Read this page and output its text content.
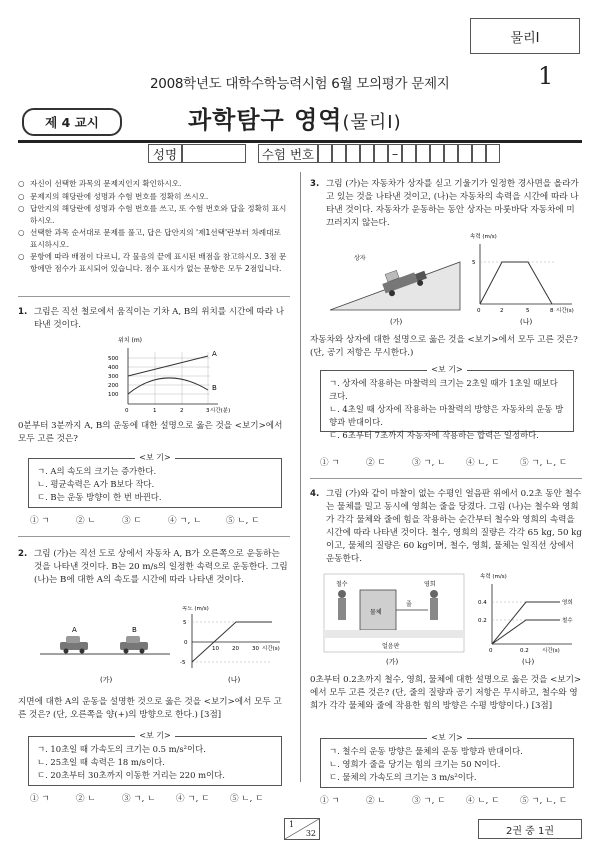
물리Ⅰ
2008학년도 대학수학능력시험 6월 모의평가 문제지	1
제 4 교시	과학탐구 영역(물리Ⅰ)
성명	수험 번호	–
○ 자신이 선택한 과목의 문제지인지 확인하시오.
○ 문제지의 해당란에 성명과 수험 번호를 정확히 쓰시오.
○ 답안지의 해당란에 성명과 수험 번호를 쓰고, 또 수험 번호와 답을 정확히 표시하시오.
○ 선택한 과목 순서대로 문제를 풀고, 답은 답안지의 '제1선택'란부터 차례대로 표시하시오.
○ 문항에 따라 배점이 다르니, 각 물음의 끝에 표시된 배점을 참고하시오. 3점 문항에만 점수가 표시되어 있습니다. 점수 표시가 없는 문항은 모두 2점입니다.
1. 그림은 직선 철로에서 움직이는 기차 A, B의 위치를 시간에 따라 나타낸 것이다.
위치 (m)
500
400
300
200
100
0	1	2	3 시간(분)
A
B
0분부터 3분까지 A, B의 운동에 대한 설명으로 옳은 것을 <보기>에서 모두 고른 것은?
<보 기>
ㄱ. A의 속도의 크기는 증가한다.
ㄴ. 평균속력은 A가 B보다 작다.
ㄷ. B는 운동 방향이 한 번 바뀐다.
① ㄱ	② ㄴ	③ ㄷ	④ ㄱ, ㄴ	⑤ ㄴ, ㄷ
2. 그림 (가)는 직선 도로 상에서 자동차 A, B가 오른쪽으로 운동하는 것을 나타낸 것이다. B는 20 m/s의 일정한 속력으로 운동한다. 그림 (나)는 B에 대한 A의 속도를 시간에 따라 나타낸 것이다.
A	B
(가)
속도 (m/s)
5
0
-5
10 20 30 시간(s)
(나)
지면에 대한 A의 운동을 설명한 것으로 옳은 것을 <보기>에서 모두 고른 것은? (단, 오른쪽을 양(+)의 방향으로 한다.) [3점]
<보 기>
ㄱ. 10초일 때 가속도의 크기는 0.5 m/s²이다.
ㄴ. 25초일 때 속력은 18 m/s이다.
ㄷ. 20초부터 30초까지 이동한 거리는 220 m이다.
① ㄱ	② ㄴ	③ ㄱ, ㄴ	④ ㄱ, ㄷ	⑤ ㄴ, ㄷ
3. 그림 (가)는 자동차가 상자를 싣고 기울기가 일정한 경사면을 올라가고 있는 것을 나타낸 것이고, (나)는 자동차의 속력을 시간에 따라 나타낸 것이다. 자동차가 운동하는 동안 상자는 마룻바닥 자동차에 미끄러지지 않는다.
상자
(가)
속력 (m/s)
5
0	2	5	8 시간(s)
(나)
자동차와 상자에 대한 설명으로 옳은 것을 <보기>에서 모두 고른 것은? (단, 공기 저항은 무시한다.)
<보 기>
ㄱ. 상자에 작용하는 마찰력의 크기는 2초일 때가 1초일 때보다 크다.
ㄴ. 4초일 때 상자에 작용하는 마찰력의 방향은 자동차의 운동 방향과 반대이다.
ㄷ. 6초부터 7초까지 자동차에 작용하는 합력은 일정하다.
① ㄱ	② ㄷ	③ ㄱ, ㄴ	④ ㄴ, ㄷ	⑤ ㄱ, ㄴ, ㄷ
4. 그림 (가)와 같이 마찰이 없는 수평인 얼음판 위에서 0.2초 동안 철수는 물체를 밀고 동시에 영희는 줄을 당겼다. 그림 (나)는 철수와 영희가 각각 물체와 줄에 힘을 작용하는 순간부터 철수와 영희의 속력을 시간에 따라 나타낸 것이다. 철수, 영희의 질량은 각각 65 kg, 50 kg이고, 물체의 질량은 60 kg이며, 철수, 영희, 물체는 일직선 상에서 운동한다.
철수	영희
물체
줄
얼음판
(가)
속력 (m/s)
0.4
0.2
0	0.2 시간(s)
영희
철수
(나)
0초부터 0.2초까지 철수, 영희, 물체에 대한 설명으로 옳은 것을 <보기>에서 모두 고른 것은? (단, 줄의 질량과 공기 저항은 무시하고, 철수와 영희가 각각 물체와 줄에 작용한 힘의 방향은 수평 방향이다.) [3점]
<보 기>
ㄱ. 철수의 운동 방향은 물체의 운동 방향과 반대이다.
ㄴ. 영희가 줄을 당기는 힘의 크기는 50 N이다.
ㄷ. 물체의 가속도의 크기는 3 m/s²이다.
① ㄱ	② ㄴ	③ ㄱ, ㄷ	④ ㄴ, ㄷ	⑤ ㄱ, ㄴ, ㄷ
1
32	2권 중 1권
